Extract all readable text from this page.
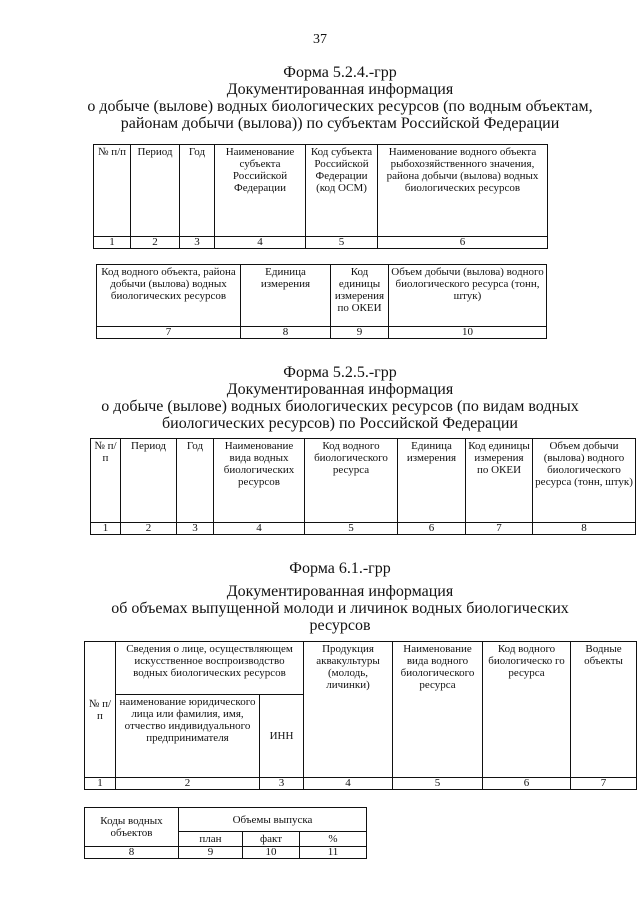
37
Форма 5.2.4.-грр
Документированная информация
о добыче (вылове) водных биологических ресурсов (по водным объектам,
районам добычи (вылова)) по субъектам Российской Федерации
№ п/п	Период	Год	Наименование субъекта Российской Федерации	Код субъекта Российской Федерации (код ОСМ)	Наименование водного объекта рыбохозяйственного значения, района добычи (вылова) водных биологических ресурсов
1	2	3	4	5	6
Код водного объекта, района добычи (вылова) водных биологических ресурсов	Единица измерения	Код единицы измерения по ОКЕИ	Объем добычи (вылова) водного биологического ресурса (тонн, штук)
7	8	9	10
Форма 5.2.5.-грр
Документированная информация
о добыче (вылове) водных биологических ресурсов (по видам водных
биологических ресурсов) по Российской Федерации
№ п/п	Период	Год	Наименование вида водных биологических ресурсов	Код водного биологического ресурса	Единица измерения	Код единицы измерения по ОКЕИ	Объем добычи (вылова) водного биологического ресурса (тонн, штук)
1	2	3	4	5	6	7	8
Форма 6.1.-грр
Документированная информация
об объемах выпущенной молоди и личинок водных биологических
ресурсов
№ п/п	Сведения о лице, осуществляющем искусственное воспроизводство водных биологических ресурсов		Продукция аквакультуры (молодь, личинки)	Наименование вида водного биологического ресурса	Код водного биологическо го ресурса	Водные объекты
	наименование юридического лица или фамилия, имя, отчество индивидуального предпринимателя	ИНН				
1	2	3	4	5	6	7
Коды водных объектов	Объемы выпуска		
	план	факт	%
8	9	10	11
